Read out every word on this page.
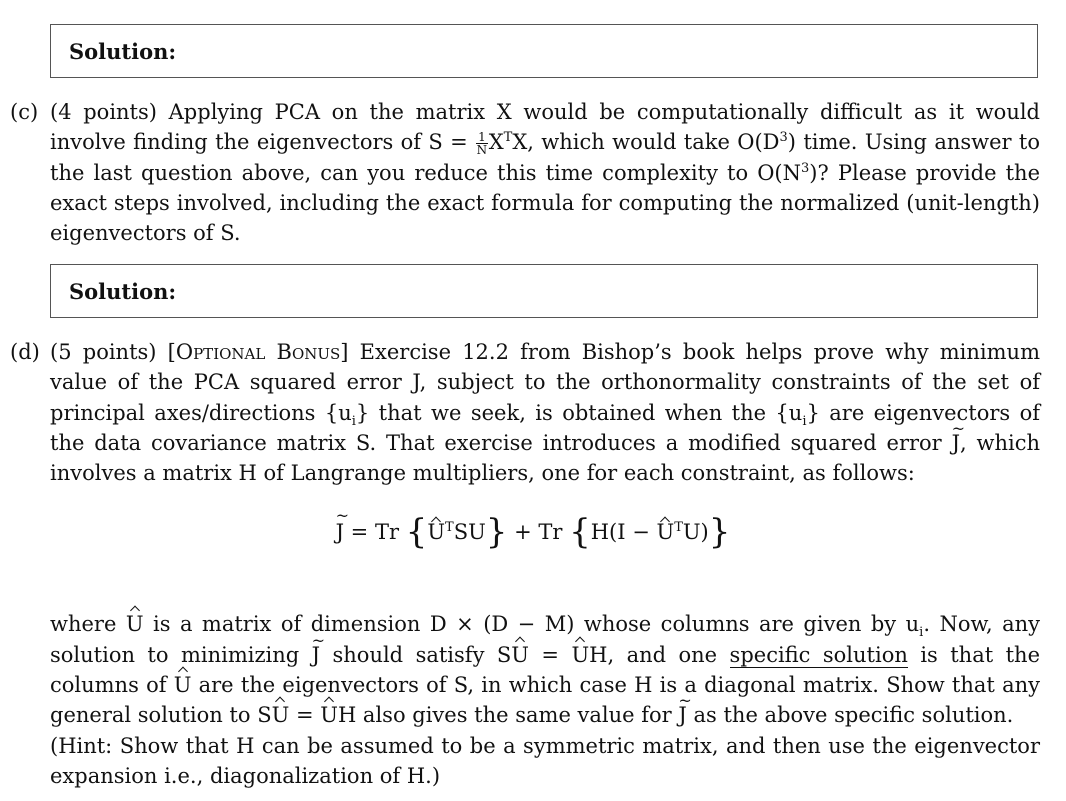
Solution:
(c) (4 points) Applying PCA on the matrix X would be computationally difficult as it would involve finding the eigenvectors of $S = \frac{1}{N} X^TX$, which would take $O(D^3)$ time. Using answer to the last question above, can you reduce this time complexity to $O(N^3)$? Please provide the exact steps involved, including the exact formula for computing the normalized (unit-length) eigenvectors of S.
Solution:
(d) (5 points) [Optional Bonus] Exercise 12.2 from Bishop’s book helps prove why minimum value of the PCA squared error J, subject to the orthonormality constraints of the set of principal axes/directions $\{u_i\}$ that we seek, is obtained when the $\{u_i\}$ are eigenvectors of the data covariance matrix S. That exercise introduces a modified squared error ~ J, which involves a matrix H of Langrange multipliers, one for each constraint, as follows:
where U is a matrix of dimension D × (D − M) whose columns are given by $u_i$. Now, any solution to minimizing ~ J should satisfy SU = UH, and one specific solution is that the columns of U are the eigenvectors of S, in which case H is a diagonal matrix. Show that any general solution to SU = UH also gives the same value for ~ J as the above specific solution.
(Hint: Show that H can be assumed to be a symmetric matrix, and then use the eigenvector expansion i.e., diagonalization of H.)
~ J = Tr $\{U^TSU\} + Tr$ $\{H(I - U^TU)\}$
